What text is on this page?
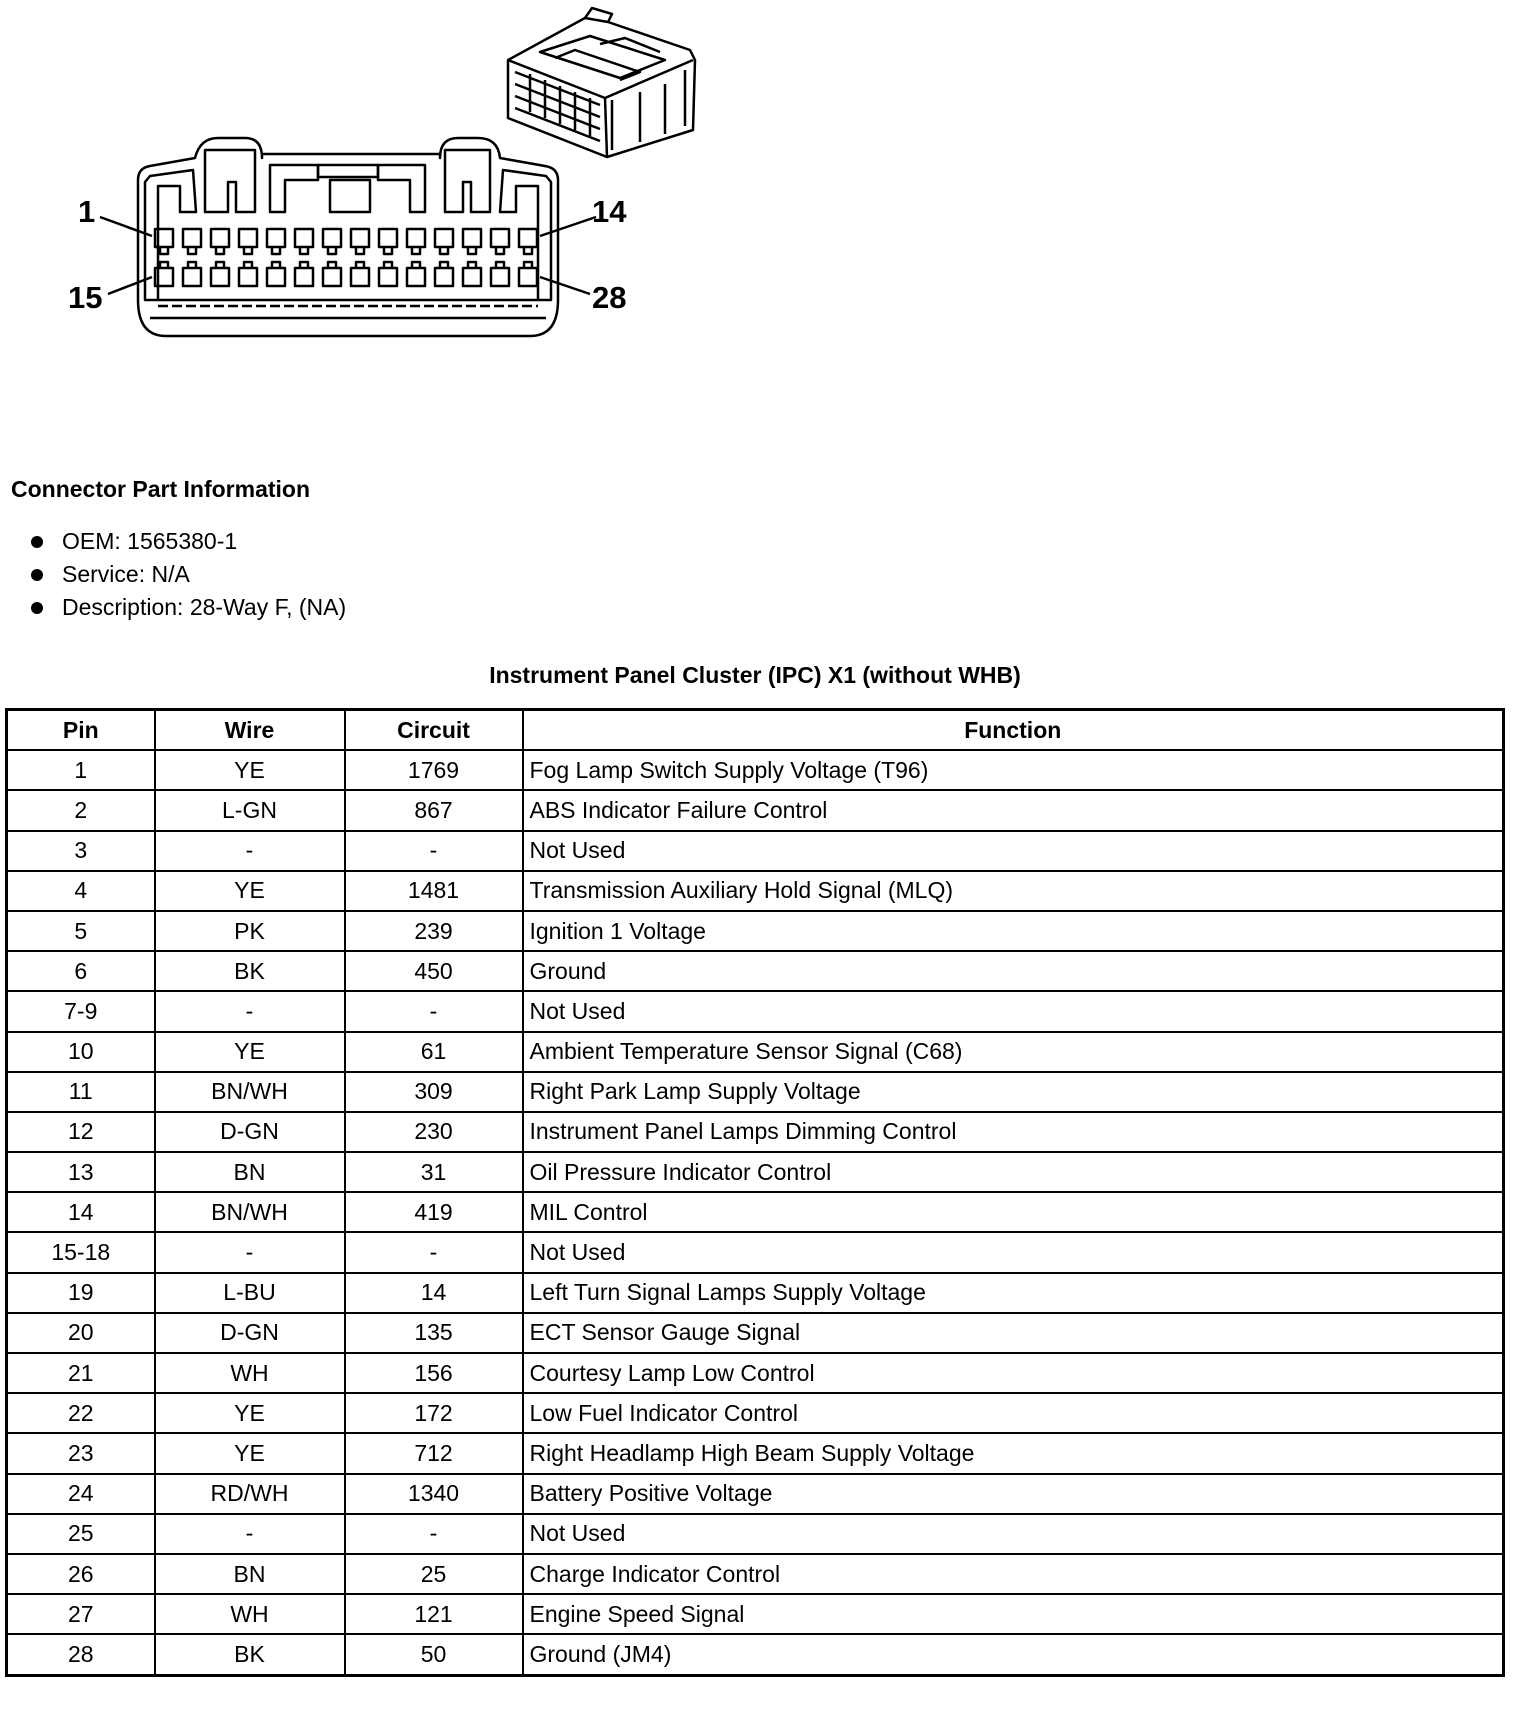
1	14
15	28
Connector Part Information
OEM: 1565380-1
Service: N/A
Description: 28-Way F, (NA)
Instrument Panel Cluster (IPC) X1 (without WHB)
Pin	Wire	Circuit	Function
1	YE	1769	Fog Lamp Switch Supply Voltage (T96)
2	L-GN	867	ABS Indicator Failure Control
3	-	-	Not Used
4	YE	1481	Transmission Auxiliary Hold Signal (MLQ)
5	PK	239	Ignition 1 Voltage
6	BK	450	Ground
7-9	-	-	Not Used
10	YE	61	Ambient Temperature Sensor Signal (C68)
11	BN/WH	309	Right Park Lamp Supply Voltage
12	D-GN	230	Instrument Panel Lamps Dimming Control
13	BN	31	Oil Pressure Indicator Control
14	BN/WH	419	MIL Control
15-18	-	-	Not Used
19	L-BU	14	Left Turn Signal Lamps Supply Voltage
20	D-GN	135	ECT Sensor Gauge Signal
21	WH	156	Courtesy Lamp Low Control
22	YE	172	Low Fuel Indicator Control
23	YE	712	Right Headlamp High Beam Supply Voltage
24	RD/WH	1340	Battery Positive Voltage
25	-	-	Not Used
26	BN	25	Charge Indicator Control
27	WH	121	Engine Speed Signal
28	BK	50	Ground (JM4)
